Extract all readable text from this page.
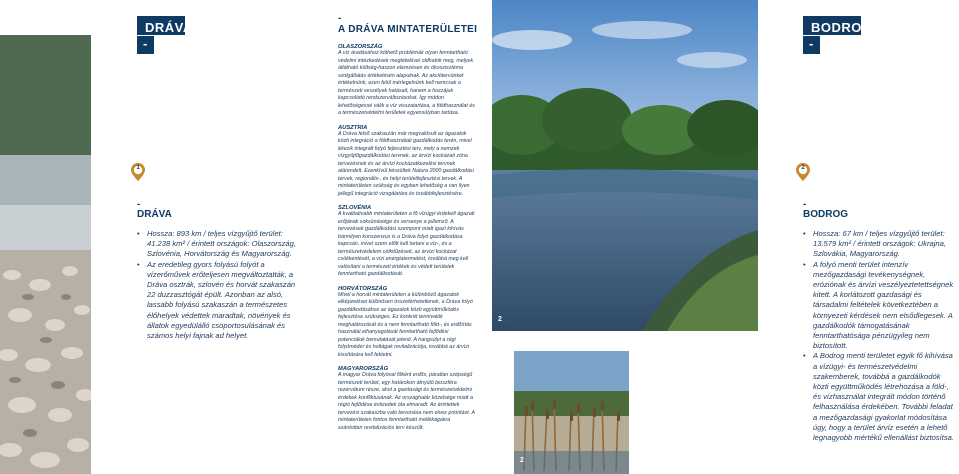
DRÁVA
-
1
-
DRÁVA
• Hossza: 893 km / teljes vízgyűjtő terület: 41.238 km² / érintett országok: Olaszország, Szlovénia, Horvátország és Magyarország.
• Az eredetileg gyors folyású folyót a vízerőművek erőteljesen megváltoztatták, a Dráva osztrák, szlovén és horvát szakaszán 22 duzzasztógát épült. Azonban az alsó, lassabb folyású szakaszán a természetes élőhelyek védettek maradtak, növények és állatok egyedülálló csoportosulásának és számos helyi fajnak ad helyet.
-
A DRÁVA MINTATERÜLETEI
OLASZORSZÁG
A víz áradásához köthető problémák olyan fenntartható védelmi intézkedések megtételével oldhatók meg, melyek átlátható költség-haszon elemzésen és ökoszisztéma szolgáltatás értékelésén alapulnak. Az akciótervünket értékelnünk, ezen felül mérlegelnünk kell nemcsak a természeti veszélyek hatásait, hanem a hozzájuk kapcsolódó rendszerváltozásokat. Így módon lehetőségessé válik a víz visszatartása, a földhasználat és a természetvédelmi területek egyensúlyban tartása.
AUSZTRIA
A Dráva felső szakaszán már megvalósult az ágazatok közti integráció a földhasználati gazdálkodás terén, mivel létezik integrált folyó fejlesztési terv, mely a nemzeti vízgyűjtőgazdálkodási tervnek, az árvízi kockázati zóna tervezésnek és az árvízi kockázatkezelési tervnek alárendelt. Ezenkívül készültek Natura 2000 gazdálkodási tervek, regionális-, és helyi területfejlesztési tervek. A mintaterületen szükség és egyben lehetőség a van ilyen jellegű integráció vizsgálatára és továbbfejlesztésére.
SZLOVÉNIA
A kvalitatívabb mintaterületen a fő vízügyi érdekelt ágazati erőjának soksúnásiége és versenye a jellemző. A tervezések gazdálkodási szempont miatt igazi kihívás bármilyen konszenzus is a Dráva folyó gazdálkodása kapcsán, mivel szem előtt kell tartani a víz-, és a természetvédelem célkitűzéseit, az árvízi kockázat csökkentését, a vízi energiatermelést, továbbá meg kell valósítani a természeti értékek és védett területek fenntartható gazdálkodását.
HORVÁTORSZÁG
Mivel a horvát mintaterületen a különböző ágazatok elképzelései különösen összeférhetetlenek, a Dráva folyó gazdálkodásához az ágazatok közti együttműködés fejlesztése szükséges. Ez konkrét tennivalók meghatározását és a nem fenntartható föld-, és erdőírtás használat elhanyagolását fenntartható fejlődési potenciálok bemutatását jelenti. A hangsúlyt a régi folyóméder és holtágak revitalizációja, továbbá az árvízi kissítására kell fektetni.
MAGYARORSZÁG
A magyar Dráva folyóval főként erdős, páratlan szépségű természeti terület, egy határokon átnyúló bioszféra rezervátum része, ahol a gazdasági és természetvédelmi érdekek konfliktusának. Az országhatár közelsége miatt a régió fejlődése évtizedek óta elmaradt. Az érintettek tervezési szakaszba való bevonása nem elvez prioritást. A mintaterületen fontos fenntartható mellékágakra szántottan revitalizációs terv készült.
2
2
BODROG
-
2
-
BODROG
• Hossza: 67 km / teljes vízgyűjtő terület: 13.579 km² / érintett országok: Ukrajna, Szlovákia, Magyarország.
• A folyó menti terület intenzív mezőgazdasági tevékenységnek, eróziónak és árvízi veszélyeztetettségnek kitett. A korlátozott gazdasági és társadalmi feltételek következtében a környezeti kérdések nem elsődlegesek. A gazdálkodók támogatásának fenntarthatósága pénzügyileg nem biztosított.
• A Bodrog menti területet egyik fő kihívása a vízügyi- és természetvédelmi szakemberek, továbbá a gazdálkodók közti együttműködés létrehozása a föld-, és vízhasználat integrált módon történő felhasználása érdekében. További feladat a mezőgazdasági gyakorlat módosítása úgy, hogy a terület árvíz esetén a lehető legnagyobb mértékű ellenállást biztosítsa.
